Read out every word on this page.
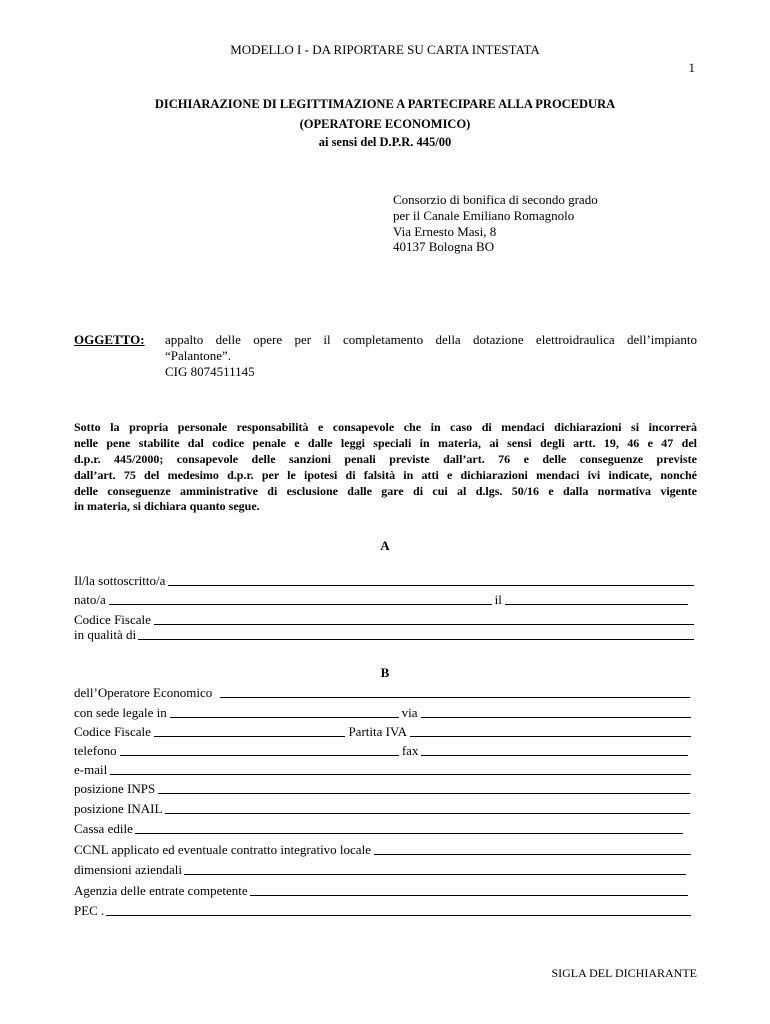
MODELLO I - DA RIPORTARE SU CARTA INTESTATA
1
DICHIARAZIONE DI LEGITTIMAZIONE A PARTECIPARE ALLA PROCEDURA
(OPERATORE ECONOMICO)
ai sensi del D.P.R. 445/00
Consorzio di bonifica di secondo grado
per il Canale Emiliano Romagnolo
Via Ernesto Masi, 8
40137 Bologna BO
OGGETTO: appalto delle opere per il completamento della dotazione elettroidraulica dell’impianto
“Palantone”.
CIG 8074511145
Sotto la propria personale responsabilità e consapevole che in caso di mendaci dichiarazioni si incorrerà
nelle pene stabilite dal codice penale e dalle leggi speciali in materia, ai sensi degli artt. 19, 46 e 47 del
d.p.r. 445/2000; consapevole delle sanzioni penali previste dall’art. 76 e delle conseguenze previste
dall’art. 75 del medesimo d.p.r. per le ipotesi di falsità in atti e dichiarazioni mendaci ivi indicate, nonché
delle conseguenze amministrative di esclusione dalle gare di cui al d.lgs. 50/16 e dalla normativa vigente
in materia, si dichiara quanto segue.
A
Il/la sottoscritto/a
nato/a	il
Codice Fiscale
in qualità di
B
dell’Operatore Economico
con sede legale in	via
Codice Fiscale	Partita IVA
telefono	fax
e-mail
posizione INPS
posizione INAIL
Cassa edile
CCNL applicato ed eventuale contratto integrativo locale
dimensioni aziendali
Agenzia delle entrate competente
PEC .
SIGLA DEL DICHIARANTE
